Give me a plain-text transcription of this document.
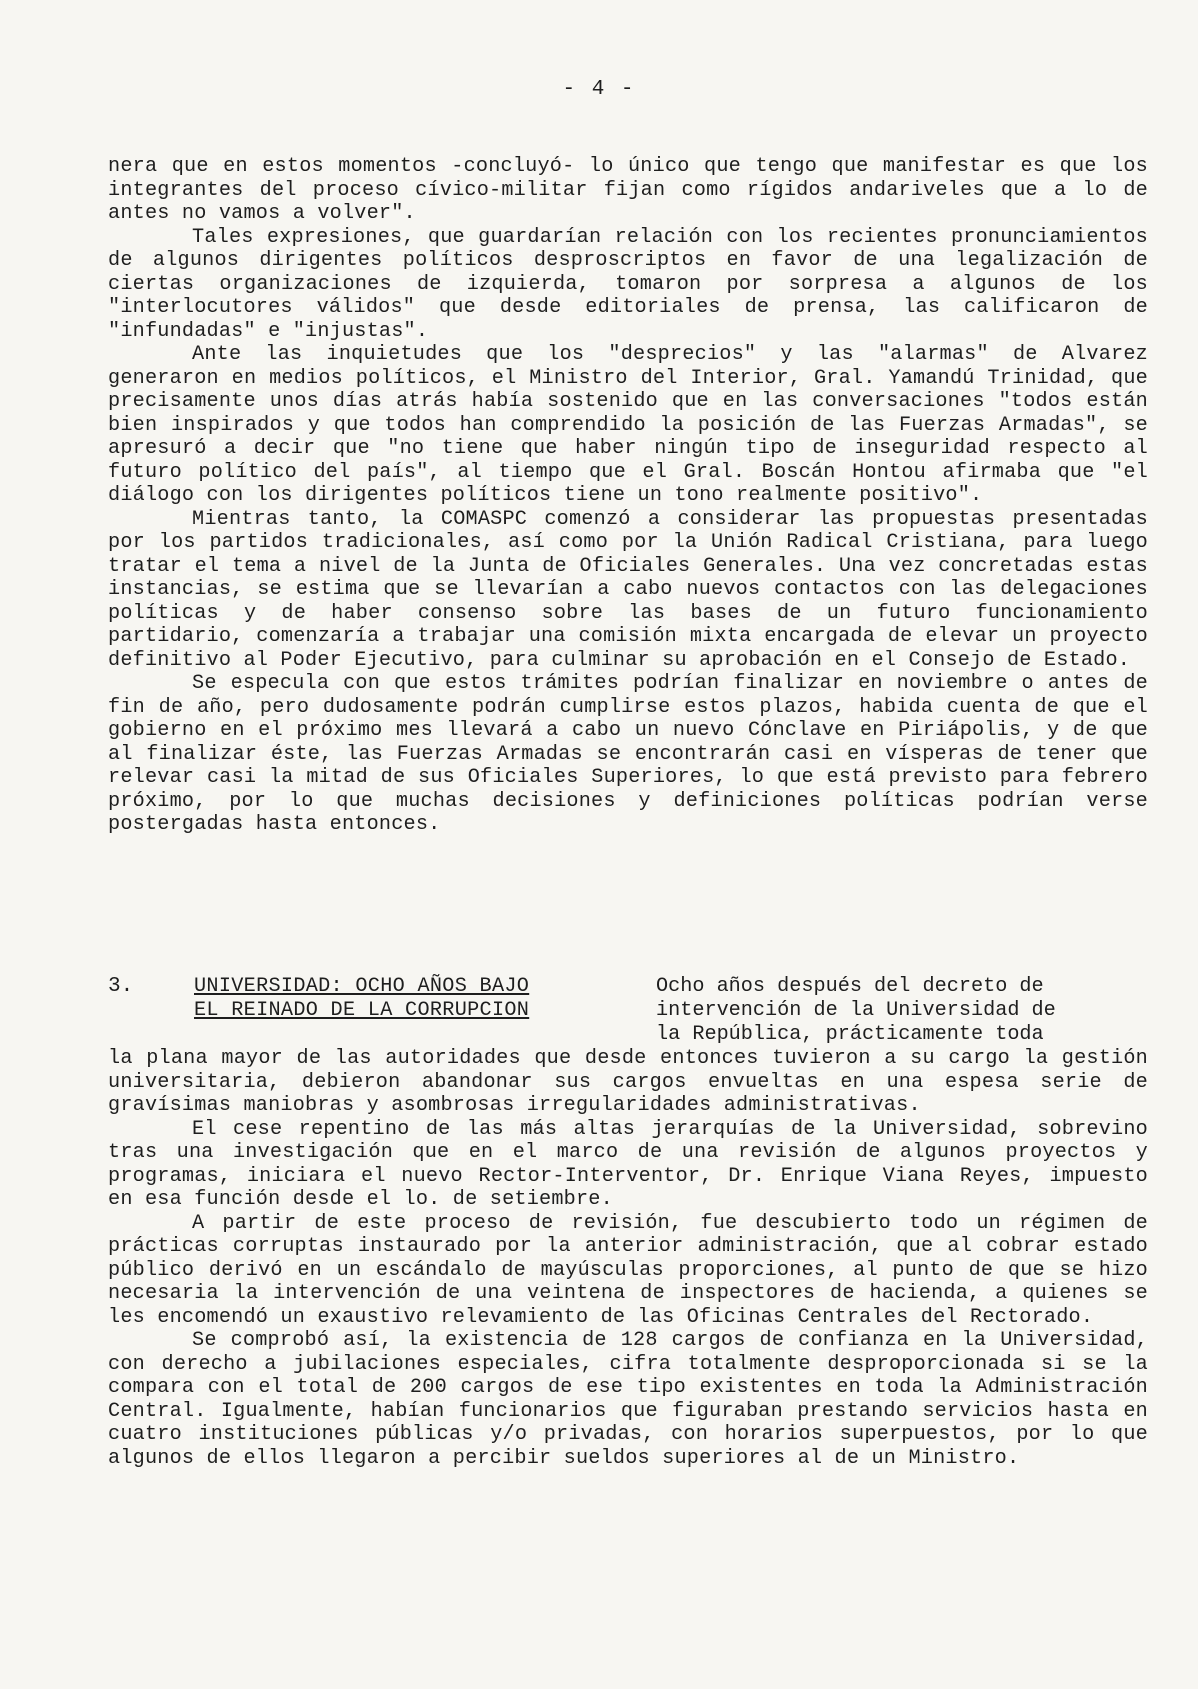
- 4 -

nera que en estos momentos -concluyó- lo único que tengo que manifestar es que los integrantes del proceso cívico-militar fijan como rígidos andariveles que a lo de antes no vamos a volver".

Tales expresiones, que guardarían relación con los recientes pronunciamientos de algunos dirigentes políticos desproscriptos en favor de una legalización de ciertas organizaciones de izquierda, tomaron por sorpresa a algunos de los "interlocutores válidos" que desde editoriales de prensa, las calificaron de "infundadas" e "injustas".

Ante las inquietudes que los "desprecios" y las "alarmas" de Alvarez generaron en medios políticos, el Ministro del Interior, Gral. Yamandú Trinidad, que precisamente unos días atrás había sostenido que en las conversaciones "todos están bien inspirados y que todos han comprendido la posición de las Fuerzas Armadas", se apresuró a decir que "no tiene que haber ningún tipo de inseguridad respecto al futuro político del país", al tiempo que el Gral. Boscán Hontou afirmaba que "el diálogo con los dirigentes políticos tiene un tono realmente positivo".

Mientras tanto, la COMASPC comenzó a considerar las propuestas presentadas por los partidos tradicionales, así como por la Unión Radical Cristiana, para luego tratar el tema a nivel de la Junta de Oficiales Generales. Una vez concretadas estas instancias, se estima que se llevarían a cabo nuevos contactos con las delegaciones políticas y de haber consenso sobre las bases de un futuro funcionamiento partidario, comenzaría a trabajar una comisión mixta encargada de elevar un proyecto definitivo al Poder Ejecutivo, para culminar su aprobación en el Consejo de Estado.

Se especula con que estos trámites podrían finalizar en noviembre o antes de fin de año, pero dudosamente podrán cumplirse estos plazos, habida cuenta de que el gobierno en el próximo mes llevará a cabo un nuevo Cónclave en Piriápolis, y de que al finalizar éste, las Fuerzas Armadas se encontrarán casi en vísperas de tener que relevar casi la mitad de sus Oficiales Superiores, lo que está previsto para febrero próximo, por lo que muchas decisiones y definiciones políticas podrían verse postergadas hasta entonces.

3.	UNIVERSIDAD: OCHO AÑOS BAJO
EL REINADO DE LA CORRUPCION
Ocho años después del decreto de
intervención de la Universidad de
la República, prácticamente toda

la plana mayor de las autoridades que desde entonces tuvieron a su cargo la gestión universitaria, debieron abandonar sus cargos envueltas en una espesa serie de gravísimas maniobras y asombrosas irregularidades administrativas.

El cese repentino de las más altas jerarquías de la Universidad, sobrevino tras una investigación que en el marco de una revisión de algunos proyectos y programas, iniciara el nuevo Rector-Interventor, Dr. Enrique Viana Reyes, impuesto en esa función desde el lo. de setiembre.

A partir de este proceso de revisión, fue descubierto todo un régimen de prácticas corruptas instaurado por la anterior administración, que al cobrar estado público derivó en un escándalo de mayúsculas proporciones, al punto de que se hizo necesaria la intervención de una veintena de inspectores de hacienda, a quienes se les encomendó un exaustivo relevamiento de las Oficinas Centrales del Rectorado.

Se comprobó así, la existencia de 128 cargos de confianza en la Universidad, con derecho a jubilaciones especiales, cifra totalmente desproporcionada si se la compara con el total de 200 cargos de ese tipo existentes en toda la Administración Central. Igualmente, habían funcionarios que figuraban prestando servicios hasta en cuatro instituciones públicas y/o privadas, con horarios superpuestos, por lo que algunos de ellos llegaron a percibir sueldos superiores al de un Ministro.
